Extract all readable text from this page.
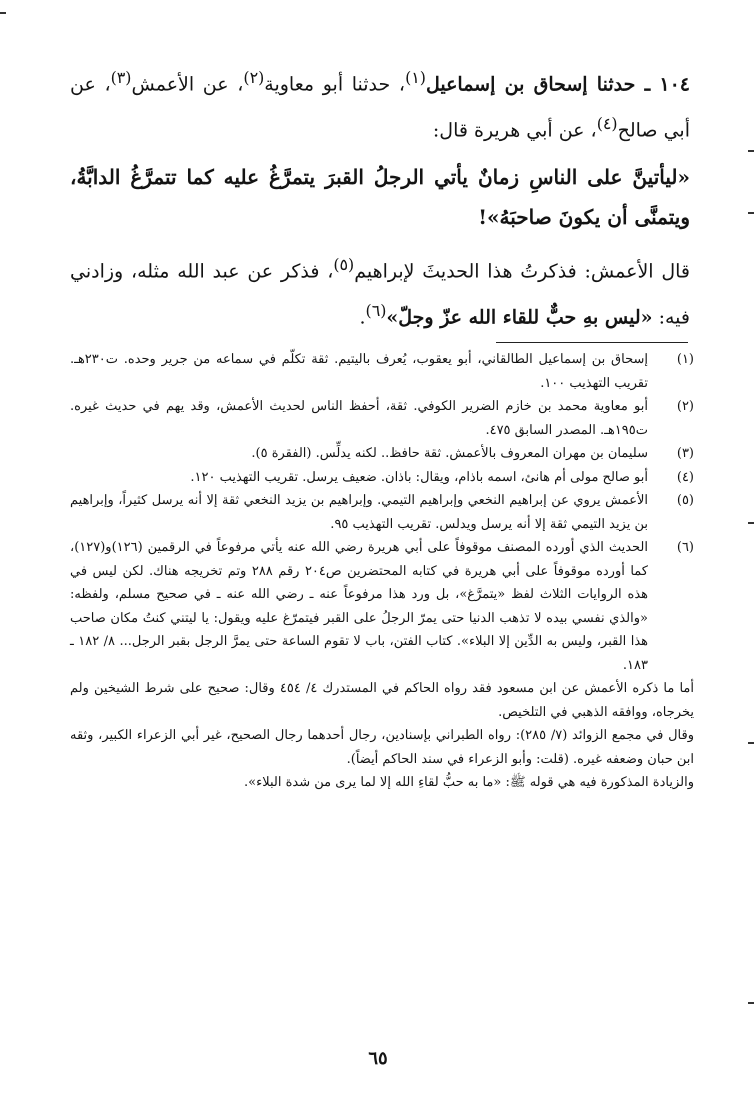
١٠٤ ـ حدثنا إسحاق بن إسماعيل$^{(١)}$، حدثنا أبو معاوية$^{(٢)}$، عن الأعمش$^{(٣)}$، عن أبي صالح$^{(٤)}$، عن أبي هريرة قال:

«ليأتينَّ على الناسِ زمانٌ يأتي الرجلُ القبرَ يتمرَّغُ عليه كما تتمرَّغُ الدابَّةُ، ويتمنَّى أن يكونَ صاحبَهُ»!

قال الأعمش: فذكرتُ هذا الحديثَ لإبراهيم$^{(٥)}$، فذكر عن عبد الله مثله، وزادني فيه: «ليس بهِ حبٌّ للقاء الله عزّ وجلّ»$^{(٦)}$.

(١)
إسحاق بن إسماعيل الطالقاني، أبو يعقوب، يُعرف باليتيم. ثقة تكلّم في سماعه من جرير وحده. ت٢٣٠هـ. تقريب التهذيب ١٠٠.
(٢)
أبو معاوية محمد بن خازم الضرير الكوفي. ثقة، أحفظ الناس لحديث الأعمش، وقد يهم في حديث غيره. ت١٩٥هـ. المصدر السابق ٤٧٥.
(٣)
سليمان بن مهران المعروف بالأعمش. ثقة حافظ.. لكنه يدلِّس. (الفقرة ٥).
(٤)
أبو صالح مولى أم هانئ، اسمه باذام، ويقال: باذان. ضعيف يرسل. تقريب التهذيب ١٢٠.
(٥)
الأعمش يروي عن إبراهيم النخعي وإبراهيم التيمي. وإبراهيم بن يزيد النخعي ثقة إلا أنه يرسل كثيراً، وإبراهيم بن يزيد التيمي ثقة إلا أنه يرسل ويدلس. تقريب التهذيب ٩٥.
(٦)
الحديث الذي أورده المصنف موقوفاً على أبي هريرة رضي الله عنه يأتي مرفوعاً في الرقمين (١٢٦)و(١٢٧)، كما أورده موقوفاً على أبي هريرة في كتابه المحتضرين ص٢٠٤ رقم ٢٨٨ وتم تخريجه هناك. لكن ليس في هذه الروايات الثلاث لفظ «يتمرَّغ»، بل ورد هذا مرفوعاً عنه ـ رضي الله عنه ـ في صحيح مسلم، ولفظه: «والذي نفسي بيده لا تذهب الدنيا حتى يمرّ الرجلُ على القبر فيتمرّغ عليه ويقول: يا ليتني كنتُ مكان صاحب هذا القبر، وليس به الدِّين إلا البلاء». كتاب الفتن، باب لا تقوم الساعة حتى يمرَّ الرجل بقبر الرجل... ٨/ ١٨٢ ـ ١٨٣.
أما ما ذكره الأعمش عن ابن مسعود فقد رواه الحاكم في المستدرك ٤/ ٤٥٤ وقال: صحيح على شرط الشيخين ولم يخرجاه، ووافقه الذهبي في التلخيص.
وقال في مجمع الزوائد (٧/ ٢٨٥): رواه الطبراني بإسنادين، رجال أحدهما رجال الصحيح، غير أبي الزعراء الكبير، وثقه ابن حبان وضعفه غيره. (قلت: وأبو الزعراء في سند الحاكم أيضاً).
والزيادة المذكورة فيه هي قوله ﷺ: «ما به حبُّ لقاءِ الله إلا لما يرى من شدة البلاء».
٦٥
